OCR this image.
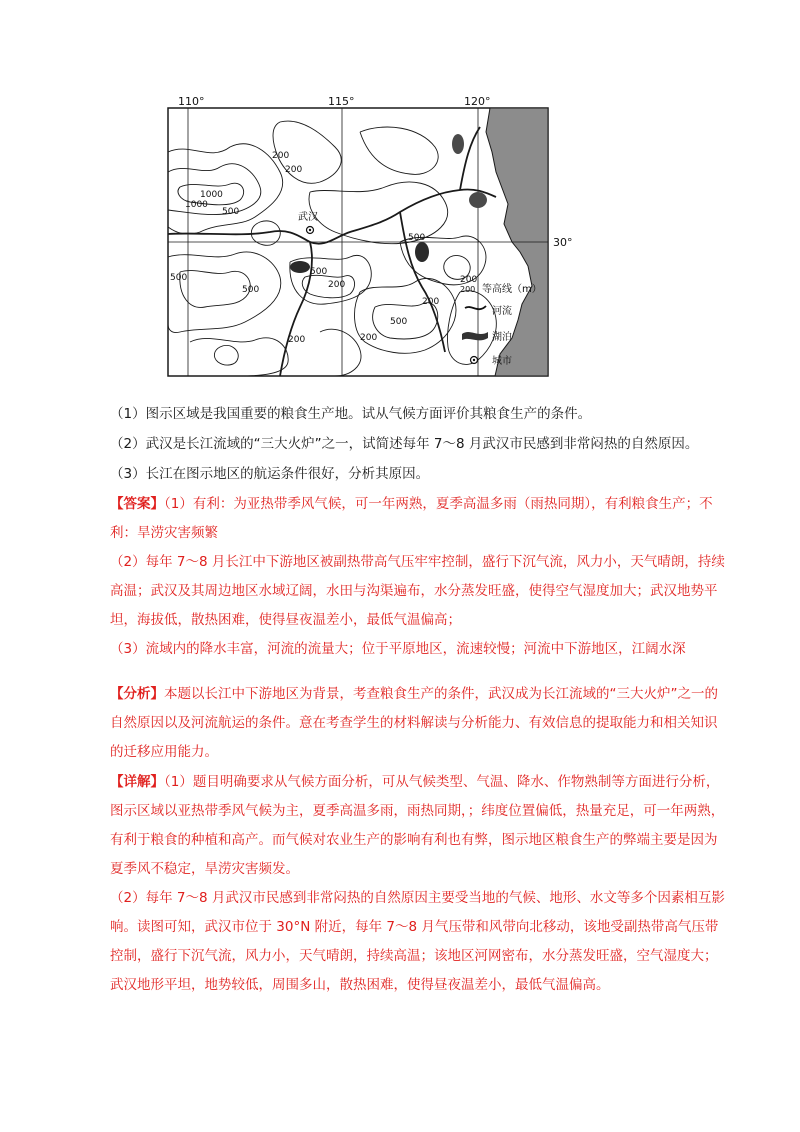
110°	115°	120°
30°
200
200
1000
500
1000
500
500
500
200
200
500
200
200
200
500
武汉
200 等高线（m）
河流
湖泊
城市
（1）图示区域是我国重要的粮食生产地。试从气候方面评价其粮食生产的条件。
（2）武汉是长江流域的“三大火炉”之一，试简述每年 7～8 月武汉市民感到非常闷热的自然原因。
（3）长江在图示地区的航运条件很好，分析其原因。

【答案】（1）有利：为亚热带季风气候，可一年两熟，夏季高温多雨（雨热同期），有利粮食生产；不利：旱涝灾害频繁

（2）每年 7～8 月长江中下游地区被副热带高气压牢牢控制，盛行下沉气流，风力小，天气晴朗，持续高温；武汉及其周边地区水域辽阔，水田与沟渠遍布，水分蒸发旺盛，使得空气湿度加大；武汉地势平坦，海拔低，散热困难，使得昼夜温差小，最低气温偏高；

（3）流域内的降水丰富，河流的流量大；位于平原地区，流速较慢；河流中下游地区，江阔水深

【分析】本题以长江中下游地区为背景，考查粮食生产的条件，武汉成为长江流域的“三大火炉”之一的自然原因以及河流航运的条件。意在考查学生的材料解读与分析能力、有效信息的提取能力和相关知识的迁移应用能力。

【详解】（1）题目明确要求从气候方面分析，可从气候类型、气温、降水、作物熟制等方面进行分析，图示区域以亚热带季风气候为主，夏季高温多雨，雨热同期，；纬度位置偏低，热量充足，可一年两熟，有利于粮食的种植和高产。而气候对农业生产的影响有利也有弊，图示地区粮食生产的弊端主要是因为夏季风不稳定，旱涝灾害频发。

（2）每年 7～8 月武汉市民感到非常闷热的自然原因主要受当地的气候、地形、水文等多个因素相互影响。读图可知，武汉市位于 30°N 附近，每年 7～8 月气压带和风带向北移动，该地受副热带高气压带控制，盛行下沉气流，风力小，天气晴朗，持续高温；该地区河网密布，水分蒸发旺盛，空气湿度大；武汉地形平坦，地势较低，周围多山，散热困难，使得昼夜温差小，最低气温偏高。
